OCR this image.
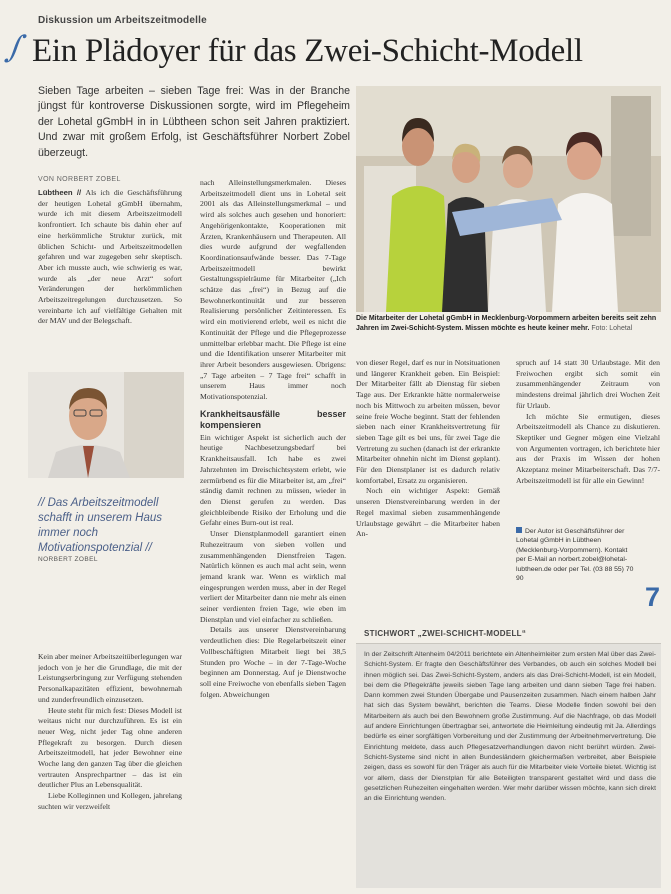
Diskussion um Arbeitszeitmodelle
∫ Ein Plädoyer für das Zwei-Schicht-Modell

Sieben Tage arbeiten – sieben Tage frei: Was in der Branche jüngst für kontroverse Diskussionen sorgte, wird im Pflegeheim der Lohetal gGmbH in in Lübtheen schon seit Jahren praktiziert. Und zwar mit großem Erfolg, ist Geschäftsführer Norbert Zobel überzeugt.

VON NORBERT ZOBEL

Lübtheen // Als ich die Geschäftsführung der heutigen Lohetal gGmbH übernahm, wurde ich mit diesem Arbeitszeitmodell konfrontiert. Ich schaute bis dahin eher auf eine herkömmliche Struktur zurück, mit üblichen Schicht- und Arbeitszeitmodellen gefahren und war zugegeben sehr skeptisch. Aber ich musste auch, wie schwierig es war, wurde als „der neue Arzt“ sofort Veränderungen der herkömmlichen Arbeitszeitregelungen durchzusetzen. So vereinbarte ich auf vielfältige Gehalten mit der MAV und der Belegschaft.

// Das Arbeitszeitmodell schafft in unserem Haus immer noch Motivationspotenzial //
NORBERT ZOBEL

Kein aber meiner Arbeitszeitüberlegungen war jedoch von je her die Grundlage, die mit der Leistungserbringung zur Verfügung stehenden Personalkapazitäten effizient, bewohnernah und zunderfreundlich einzusetzen.

Heute steht für mich fest: Dieses Modell ist weitaus nicht nur durchzuführen. Es ist ein neuer Weg, nicht jeder Tag ohne anderen Pflegekraft zu besorgen. Durch diesen Arbeitszeitmodell, hat jeder Bewohner eine Woche lang den ganzen Tag über die gleichen vertrauten Ansprechpartner – das ist ein deutlicher Plus an Lebensqualität.

Liebe Kolleginnen und Kollegen, jahrelang suchten wir verzweifelt

nach Alleinstellungsmerkmalen. Dieses Arbeitszeitmodell dient uns in Lohetal seit 2001 als das Alleinstellungsmerkmal – und wird als solches auch gesehen und honoriert: Angehörigenkontakte, Kooperationen mit Ärzten, Krankenhäusern und Therapeuten. All dies wurde aufgrund der wegfallenden Koordinationsaufwände besser. Das 7-Tage Arbeitszeitmodell bewirkt Gestaltungsspielräume für Mitarbeiter („Ich schätze das „frei“) in Bezug auf die Bewohnerkontinuität und zur besseren Realisierung persönlicher Zeitinteressen. Es wird ein motivierend erlebt, weil es nicht die Kontinuität der Pflege und die Pflegeprozesse unmittelbar erlebbar macht. Die Pflege ist eine und die Identifikation unserer Mitarbeiter mit ihrer Arbeit besonders ausgewiesen. Übrigens: „7 Tage arbeiten – 7 Tage frei“ schafft in unserem Haus immer noch Motivationspotenzial.

Krankheitsausfälle besser kompensieren

Ein wichtiger Aspekt ist sicherlich auch der heutige Nachbesetzungsbedarf bei Krankheitsausfall. Ich habe es zwei Jahrzehnten im Dreischichtsystem erlebt, wie zermürbend es für die Mitarbeiter ist, am „frei“ ständig damit rechnen zu müssen, wieder in den Dienst gerufen zu werden. Das gleichbleibende Risiko der Erholung und die Gefahr eines Burn-out ist real.

Unser Dienstplanmodell garantiert einen Ruhezeitraum von sieben vollen und zusammenhängenden Dienstfreien Tagen. Natürlich können es auch mal acht sein, wenn jemand krank war. Wenn es wirklich mal eingesprungen werden muss, aber in der Regel verliert der Mitarbeiter dann nie mehr als einen seiner verdienten freien Tage, wie eben im Dienstplan und viel einfacher zu schließen.

Details aus unserer Dienstvereinbarung verdeutlichen dies: Die Regelarbeitszeit einer Vollbeschäftigten Mitarbeit liegt bei 38,5 Stunden pro Woche – in der 7-Tage-Woche beginnen am Donnerstag. Auf je Dienstwoche soll eine Freiwoche von ebenfalls sieben Tagen folgen. Abweichungen

Die Mitarbeiter der Lohetal gGmbH in Mecklenburg-Vorpommern arbeiten bereits seit zehn Jahren im Zwei-Schicht-System. Missen möchte es heute keiner mehr. Foto: Lohetal

von dieser Regel, darf es nur in Notsituationen und längerer Krankheit geben. Ein Beispiel: Der Mitarbeiter fällt ab Dienstag für sieben Tage aus. Der Erkrankte hätte normalerweise noch bis Mittwoch zu arbeiten müssen, bevor seine freie Woche beginnt. Statt der fehlenden sieben nach einer Krankheitsvertretung für sieben Tage gilt es bei uns, für zwei Tage die Vertretung zu suchen (danach ist der erkrankte Mitarbeiter ohnehin nicht im Dienst geplant). Für den Dienstplaner ist es dadurch relativ komfortabel, Ersatz zu organisieren.

Noch ein wichtiger Aspekt: Gemäß unseren Dienstvereinbarung werden in der Regel maximal sieben zusammenhängende Urlaubstage gewährt – die Mitarbeiter haben An-

spruch auf 14 statt 30 Urlaubstage. Mit den Freiwochen ergibt sich somit ein zusammenhängender Zeitraum von mindestens dreimal jährlich drei Wochen Zeit für Urlaub.

Ich möchte Sie ermutigen, dieses Arbeitszeitmodell als Chance zu diskutieren. Skeptiker und Gegner mögen eine Vielzahl von Argumenten vortragen, ich berichtete hier aus der Praxis im Wissen der hohen Akzeptanz meiner Mitarbeiterschaft. Das 7/7-Arbeitszeitmodell ist für alle ein Gewinn!

Der Autor ist Geschäftsführer der Lohetal gGmbH in Lübtheen (Mecklenburg-Vorpommern). Kontakt per E-Mail an norbert.zobel@lohetal-lubtheen.de oder per Tel. (03 88 55) 70 90
7
STICHWORT „ZWEI-SCHICHT-MODELL“

In der Zeitschrift Altenheim 04/2011 berichtete ein Altenheimleiter zum ersten Mal über das Zwei-Schicht-System. Er fragte den Geschäftsführer des Verbandes, ob auch ein solches Modell bei ihnen möglich sei. Das Zwei-Schicht-System, anders als das Drei-Schicht-Modell, ist ein Modell, bei dem die Pflegekräfte jeweils sieben Tage lang arbeiten und dann sieben Tage frei haben. Dann kommen zwei Stunden Übergabe und Pausenzeiten zusammen. Nach einem halben Jahr hat sich das System bewährt, berichten die Teams. Diese Modelle finden sowohl bei den Mitarbeitern als auch bei den Bewohnern große Zustimmung. Auf die Nachfrage, ob das Modell auf andere Einrichtungen übertragbar sei, antwortete die Heimleitung eindeutig mit Ja. Allerdings bedürfe es einer sorgfältigen Vorbereitung und der Zustimmung der Arbeitnehmervertretung. Die Einrichtung meldete, dass auch Pflegesatzverhandlungen davon nicht berührt würden. Zwei-Schicht-Systeme sind nicht in allen Bundesländern gleichermaßen verbreitet, aber Beispiele zeigen, dass es sowohl für den Träger als auch für die Mitarbeiter viele Vorteile bietet. Wichtig ist vor allem, dass der Dienstplan für alle Beteiligten transparent gestaltet wird und dass die gesetzlichen Ruhezeiten eingehalten werden. Wer mehr darüber wissen möchte, kann sich direkt an die Einrichtung wenden.
